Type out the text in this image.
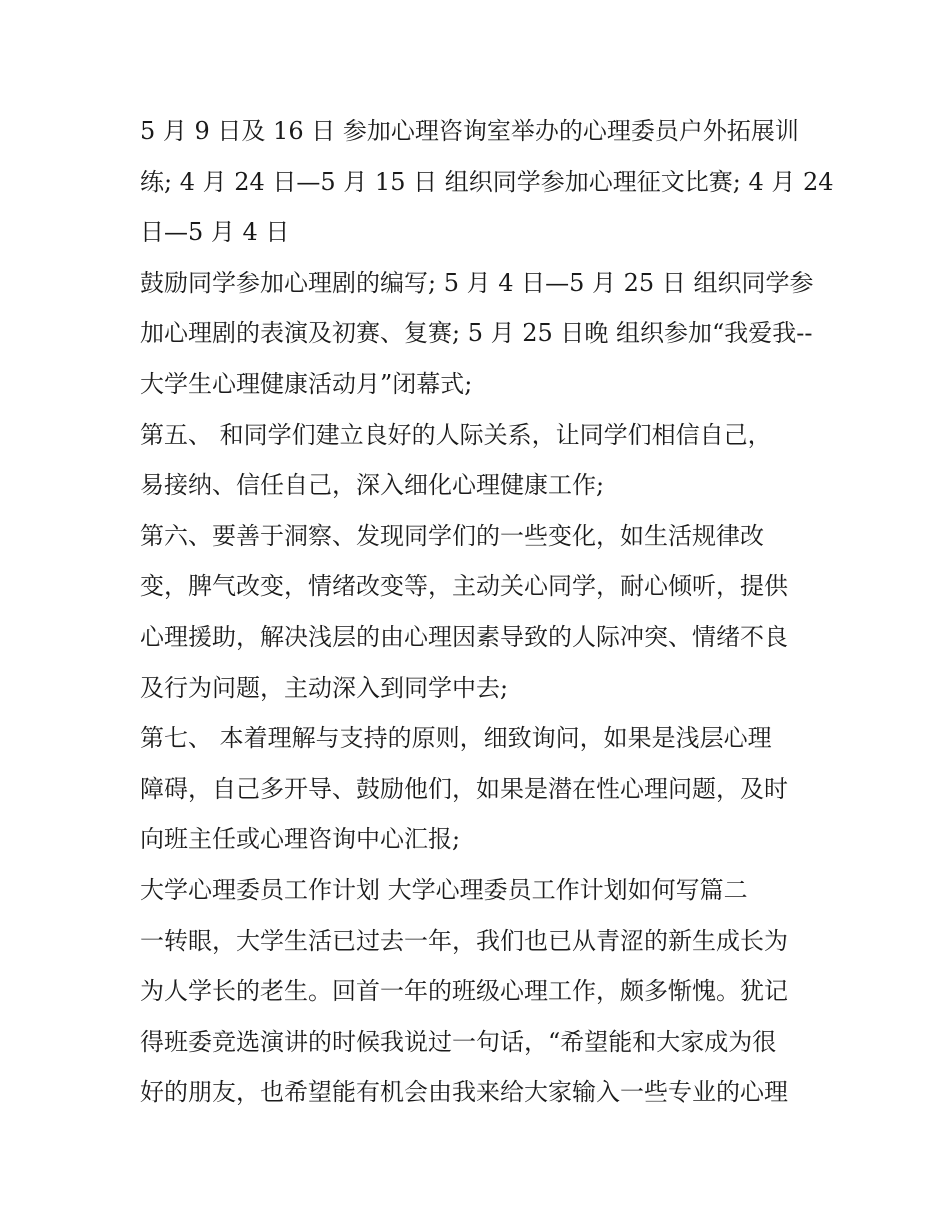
5 月 9 日及 16 日 参加心理咨询室举办的心理委员户外拓展训
练; 4 月 24 日—5 月 15 日 组织同学参加心理征文比赛; 4 月 24
日—5 月 4 日
鼓励同学参加心理剧的编写; 5 月 4 日—5 月 25 日 组织同学参
加心理剧的表演及初赛、复赛; 5 月 25 日晚 组织参加“我爱我--
大学生心理健康活动月”闭幕式;
第五、 和同学们建立良好的人际关系，让同学们相信自己，
易接纳、信任自己，深入细化心理健康工作;
第六、要善于洞察、发现同学们的一些变化，如生活规律改
变，脾气改变，情绪改变等，主动关心同学，耐心倾听，提供
心理援助，解决浅层的由心理因素导致的人际冲突、情绪不良
及行为问题，主动深入到同学中去;
第七、 本着理解与支持的原则，细致询问，如果是浅层心理
障碍，自己多开导、鼓励他们，如果是潜在性心理问题，及时
向班主任或心理咨询中心汇报;
大学心理委员工作计划 大学心理委员工作计划如何写篇二
一转眼，大学生活已过去一年，我们也已从青涩的新生成长为
为人学长的老生。回首一年的班级心理工作，颇多惭愧。犹记
得班委竞选演讲的时候我说过一句话，“希望能和大家成为很
好的朋友，也希望能有机会由我来给大家输入一些专业的心理
